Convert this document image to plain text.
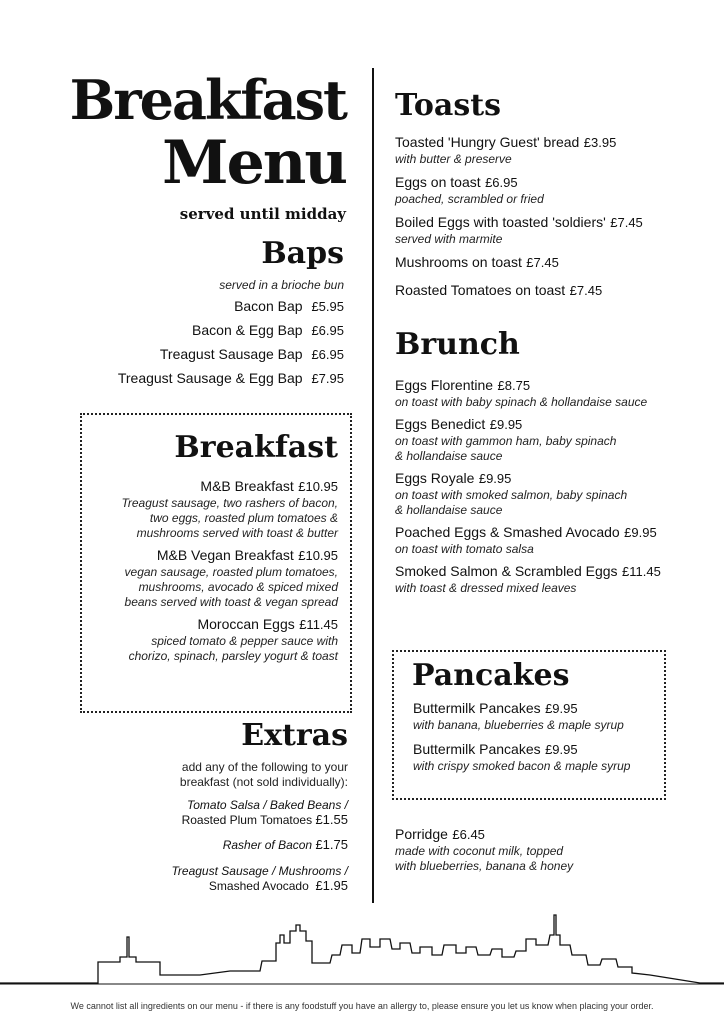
Breakfast
Menu
served until midday
Baps
served in a brioche bun
Bacon Bap £5.95
Bacon & Egg Bap £6.95
Treagust Sausage Bap £6.95
Treagust Sausage & Egg Bap £7.95
Breakfast
M&B Breakfast £10.95
Treagust sausage, two rashers of bacon,
two eggs, roasted plum tomatoes &
mushrooms served with toast & butter
M&B Vegan Breakfast £10.95
vegan sausage, roasted plum tomatoes,
mushrooms, avocado & spiced mixed
beans served with toast & vegan spread
Moroccan Eggs £11.45
spiced tomato & pepper sauce with
chorizo, spinach, parsley yogurt & toast
Extras
add any of the following to your
breakfast (not sold individually):
Tomato Salsa / Baked Beans /
Roasted Plum Tomatoes £1.55
Rasher of Bacon £1.75
Treagust Sausage / Mushrooms /
Smashed Avocado £1.95
Toasts
Toasted 'Hungry Guest' bread £3.95
with butter & preserve
Eggs on toast £6.95
poached, scrambled or fried
Boiled Eggs with toasted 'soldiers' £7.45
served with marmite
Mushrooms on toast £7.45
Roasted Tomatoes on toast £7.45
Brunch
Eggs Florentine £8.75
on toast with baby spinach & hollandaise sauce
Eggs Benedict £9.95
on toast with gammon ham, baby spinach
& hollandaise sauce
Eggs Royale £9.95
on toast with smoked salmon, baby spinach
& hollandaise sauce
Poached Eggs & Smashed Avocado £9.95
on toast with tomato salsa
Smoked Salmon & Scrambled Eggs £11.45
with toast & dressed mixed leaves
Pancakes
Buttermilk Pancakes £9.95
with banana, blueberries & maple syrup
Buttermilk Pancakes £9.95
with crispy smoked bacon & maple syrup
Porridge £6.45
made with coconut milk, topped
with blueberries, banana & honey
We cannot list all ingredients on our menu - if there is any foodstuff you have an allergy to, please ensure you let us know when placing your order.
